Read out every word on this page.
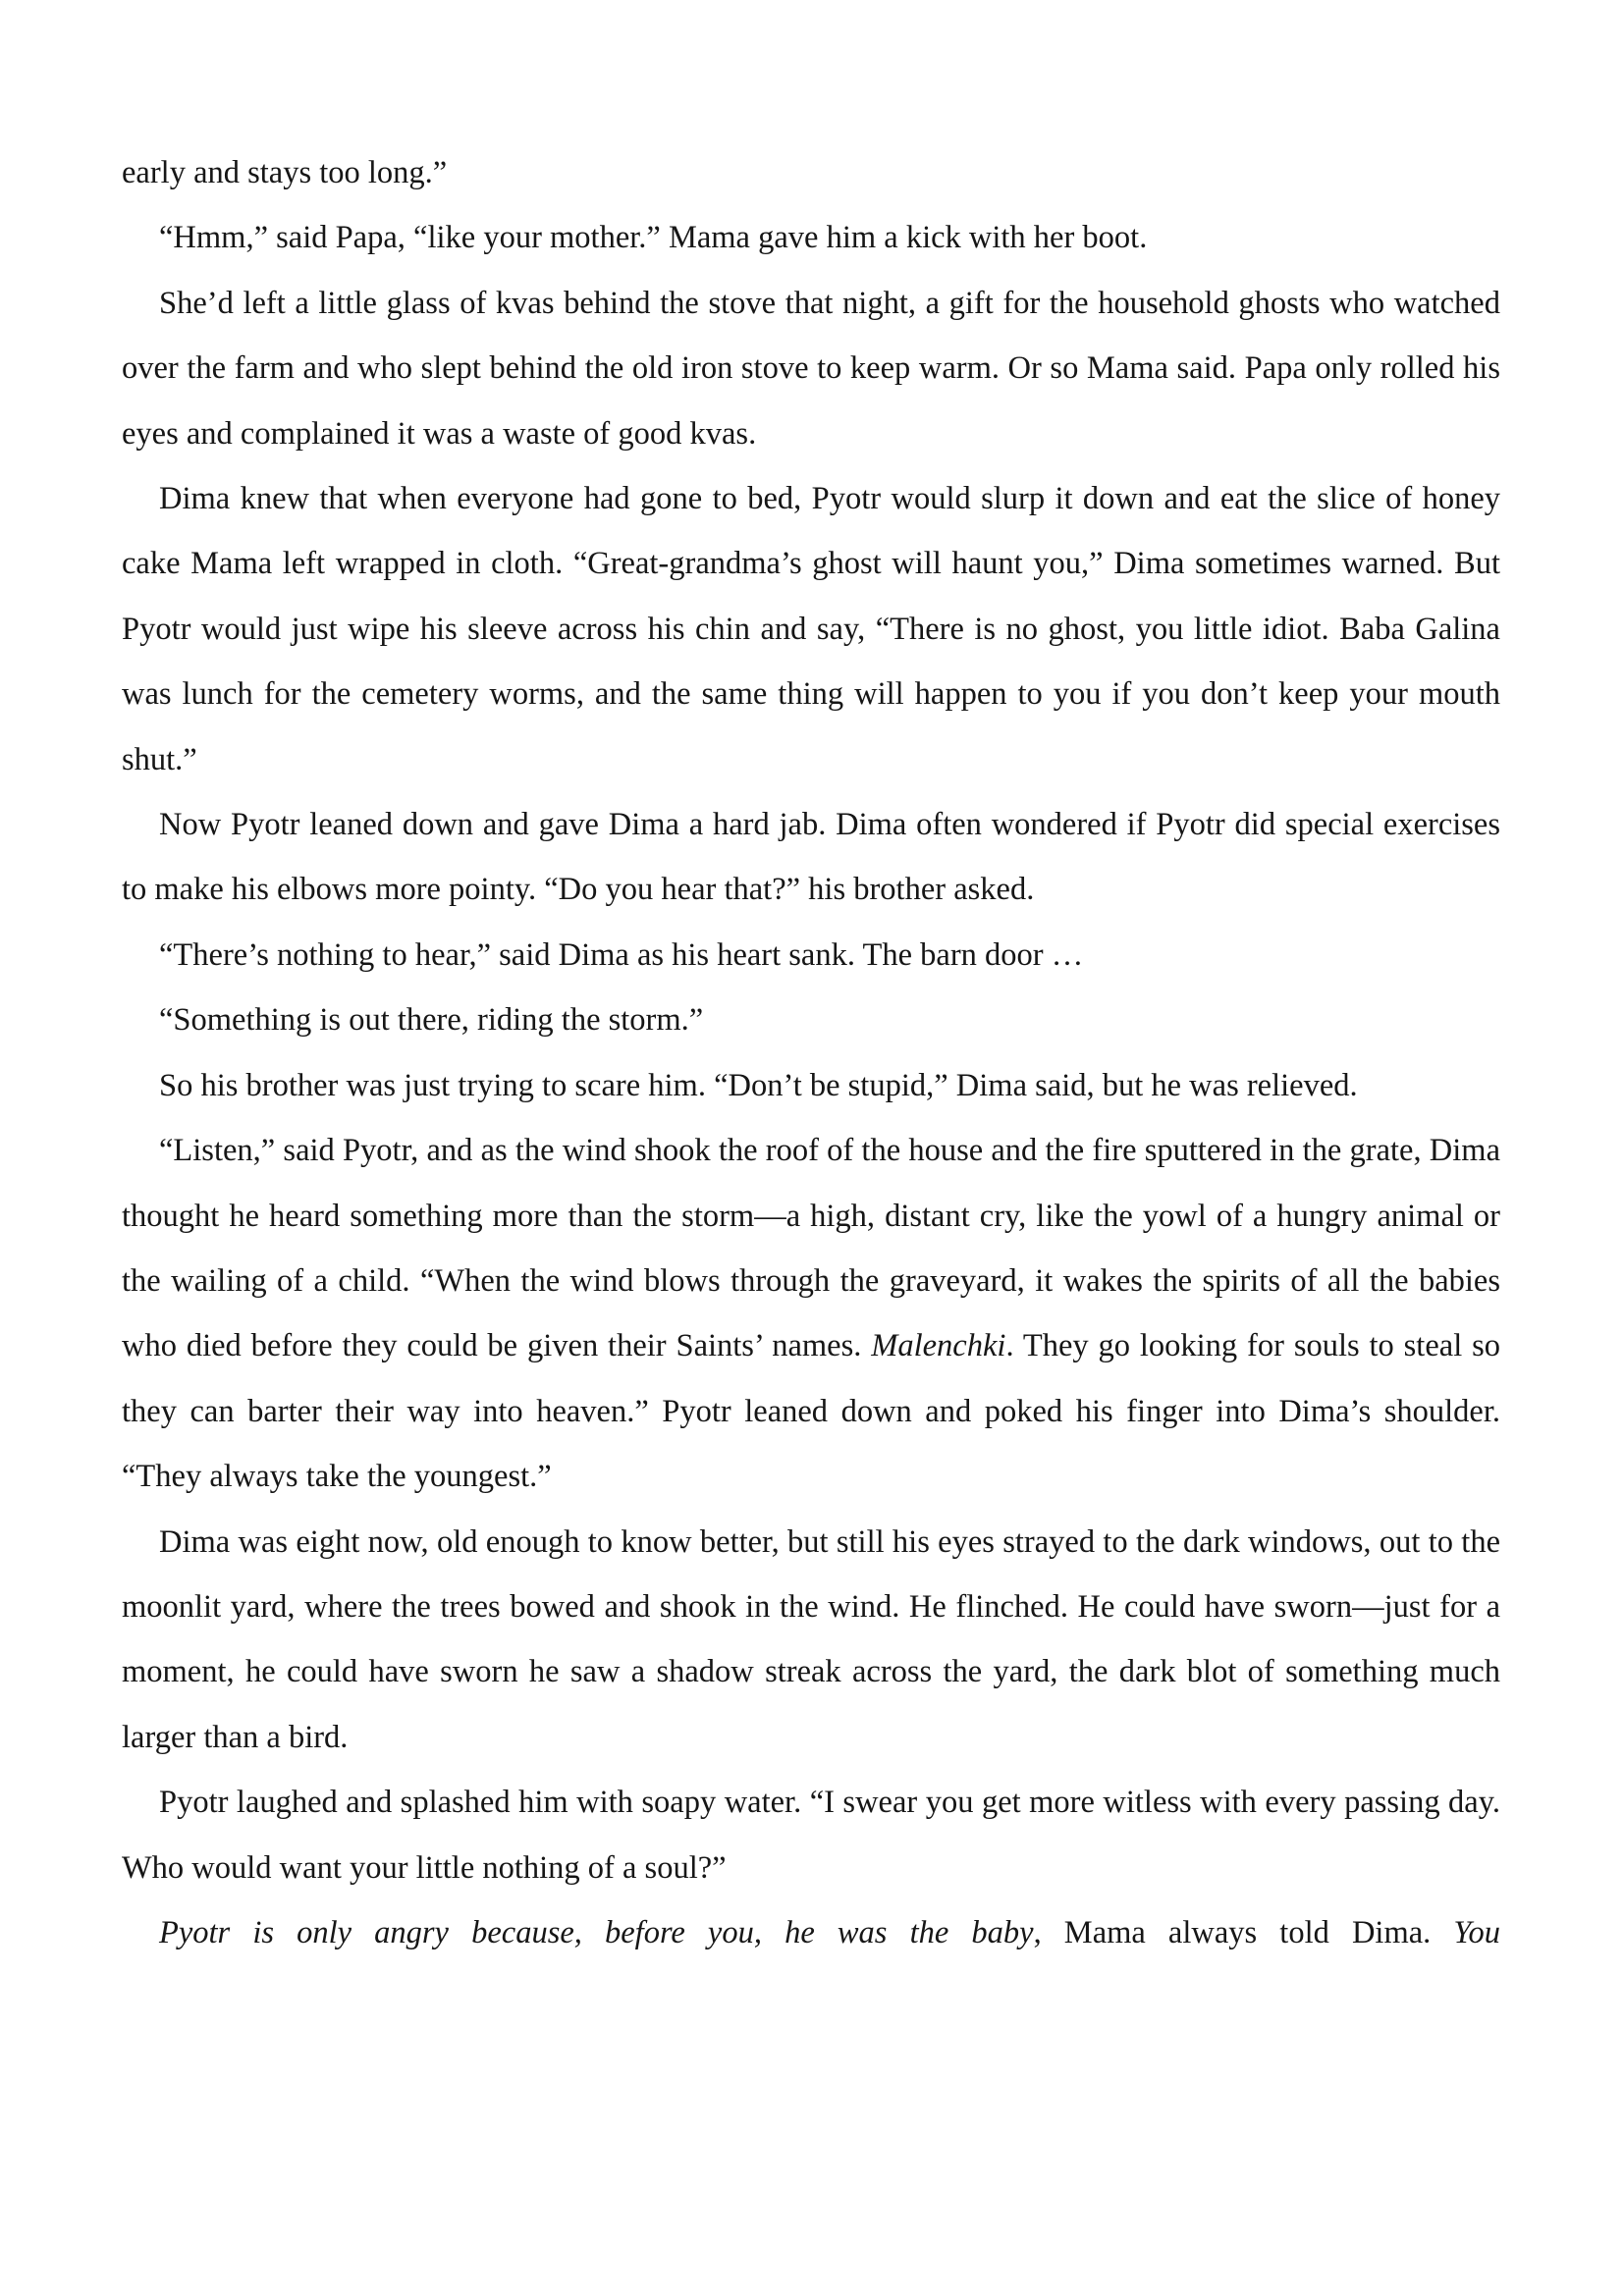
early and stays too long.”

“Hmm,” said Papa, “like your mother.” Mama gave him a kick with her boot.

She’d left a little glass of kvas behind the stove that night, a gift for the household ghosts who watched over the farm and who slept behind the old iron stove to keep warm. Or so Mama said. Papa only rolled his eyes and complained it was a waste of good kvas.

Dima knew that when everyone had gone to bed, Pyotr would slurp it down and eat the slice of honey cake Mama left wrapped in cloth. “Great-grandma’s ghost will haunt you,” Dima sometimes warned. But Pyotr would just wipe his sleeve across his chin and say, “There is no ghost, you little idiot. Baba Galina was lunch for the cemetery worms, and the same thing will happen to you if you don’t keep your mouth shut.”

Now Pyotr leaned down and gave Dima a hard jab. Dima often wondered if Pyotr did special exercises to make his elbows more pointy. “Do you hear that?” his brother asked.

“There’s nothing to hear,” said Dima as his heart sank. The barn door …

“Something is out there, riding the storm.”

So his brother was just trying to scare him. “Don’t be stupid,” Dima said, but he was relieved.

“Listen,” said Pyotr, and as the wind shook the roof of the house and the fire sputtered in the grate, Dima thought he heard something more than the storm—a high, distant cry, like the yowl of a hungry animal or the wailing of a child. “When the wind blows through the graveyard, it wakes the spirits of all the babies who died before they could be given their Saints’ names. Malenchki. They go looking for souls to steal so they can barter their way into heaven.” Pyotr leaned down and poked his finger into Dima’s shoulder. “They always take the youngest.”

Dima was eight now, old enough to know better, but still his eyes strayed to the dark windows, out to the moonlit yard, where the trees bowed and shook in the wind. He flinched. He could have sworn—just for a moment, he could have sworn he saw a shadow streak across the yard, the dark blot of something much larger than a bird.

Pyotr laughed and splashed him with soapy water. “I swear you get more witless with every passing day. Who would want your little nothing of a soul?”

Pyotr is only angry because, before you, he was the baby, Mama always told Dima. You
